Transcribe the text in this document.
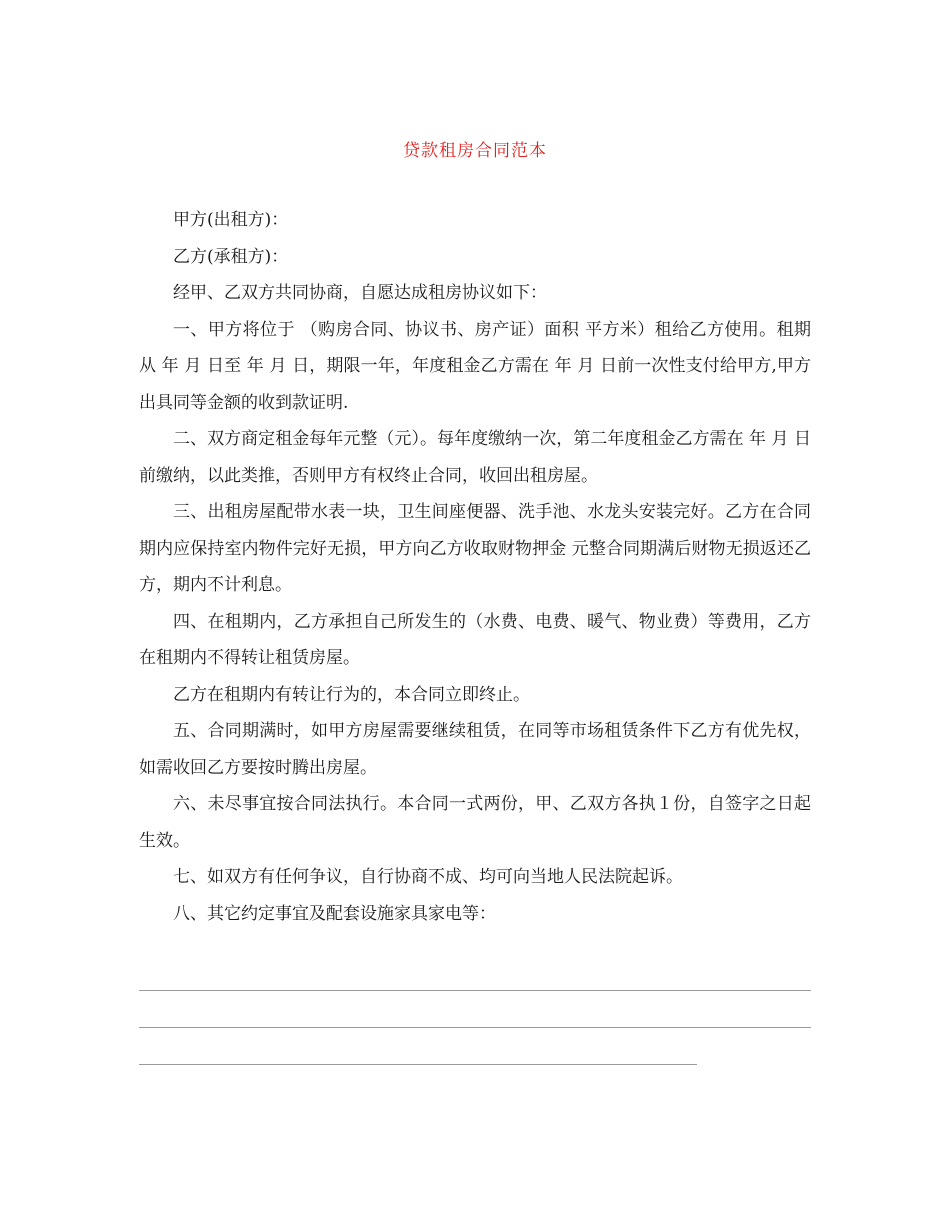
贷款租房合同范本

甲方(出租方)：

乙方(承租方)：

经甲、乙双方共同协商，自愿达成租房协议如下：

一、甲方将位于 （购房合同、协议书、房产证）面积 平方米）租给乙方使用。租期从 年 月 日至 年 月 日，期限一年，年度租金乙方需在 年 月 日前一次性支付给甲方,甲方出具同等金额的收到款证明.

二、双方商定租金每年元整（元）。每年度缴纳一次，第二年度租金乙方需在 年 月 日前缴纳，以此类推，否则甲方有权终止合同，收回出租房屋。

三、出租房屋配带水表一块，卫生间座便器、洗手池、水龙头安装完好。乙方在合同期内应保持室内物件完好无损，甲方向乙方收取财物押金 元整合同期满后财物无损返还乙方，期内不计利息。

四、在租期内，乙方承担自己所发生的（水费、电费、暖气、物业费）等费用，乙方在租期内不得转让租赁房屋。

乙方在租期内有转让行为的，本合同立即终止。

五、合同期满时，如甲方房屋需要继续租赁，在同等市场租赁条件下乙方有优先权，如需收回乙方要按时腾出房屋。

六、未尽事宜按合同法执行。本合同一式两份，甲、乙双方各执１份，自签字之日起生效。

七、如双方有任何争议，自行协商不成、均可向当地人民法院起诉。

八、其它约定事宜及配套设施家具家电等：
